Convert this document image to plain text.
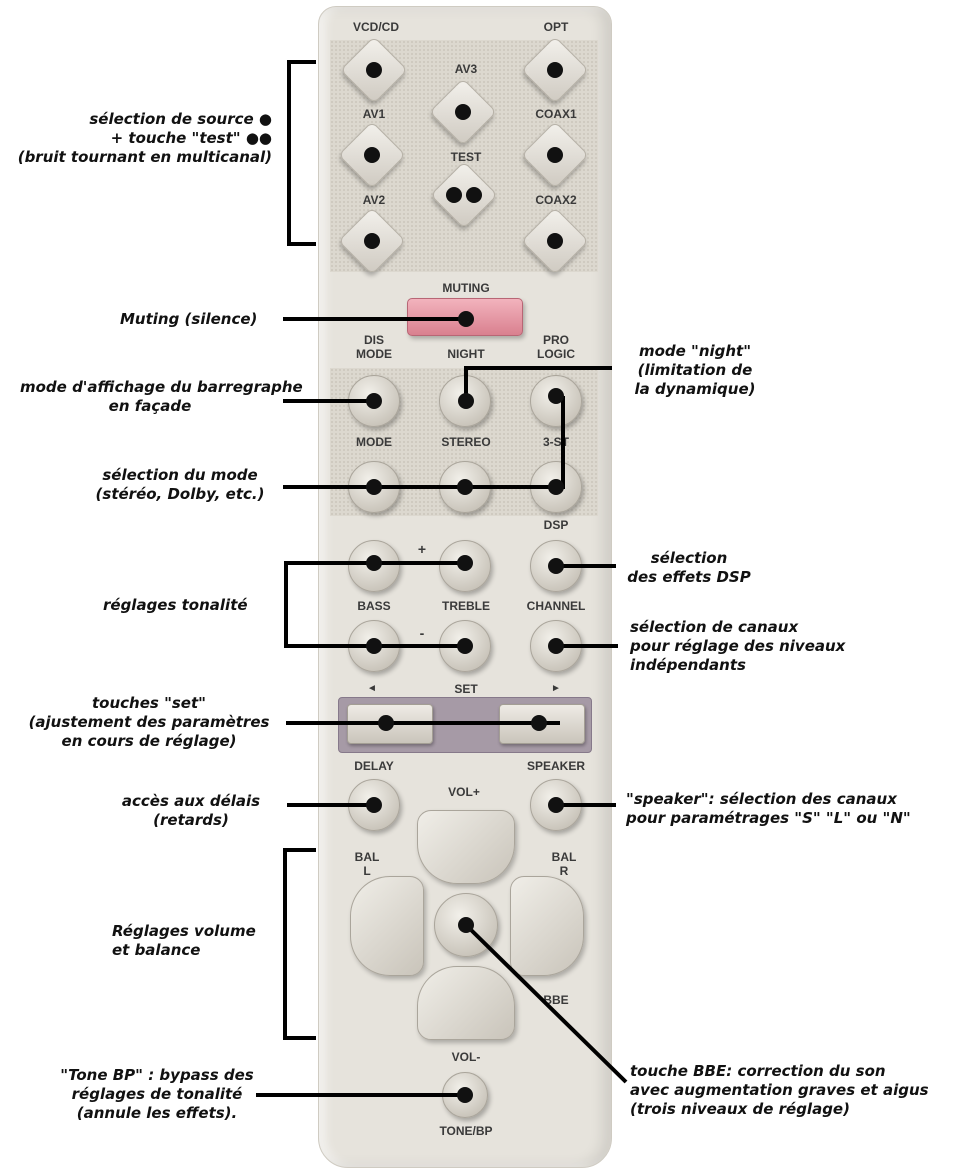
VCD/CD	OPT
AV3
AV1	COAX1
TEST
AV2	COAX2
MUTING
DIS
MODE	NIGHT
PRO
LOGIC
MODE	STEREO	3-ST
DSP
+
-
BASS	TREBLE	CHANNEL
◄	SET	►
DELAY	SPEAKER
VOL+
BAL
L
BAL
R
BBE
VOL-
TONE/BP
sélection de source ●
+ touche "test" ●●
(bruit tournant en multicanal)
Muting (silence)
mode "night"
(limitation de
la dynamique)
mode d'affichage du barregraphe
en façade
sélection du mode
(stéréo, Dolby, etc.)
sélection
des effets DSP
réglages tonalité
sélection de canaux
pour réglage des niveaux
indépendants
touches "set"
(ajustement des paramètres
en cours de réglage)
accès aux délais
(retards)
"speaker": sélection des canaux
pour paramétrages "S" "L" ou "N"
Réglages volume
et balance
touche BBE: correction du son
avec augmentation graves et aigus
(trois niveaux de réglage)
"Tone BP" : bypass des
réglages de tonalité
(annule les effets).
